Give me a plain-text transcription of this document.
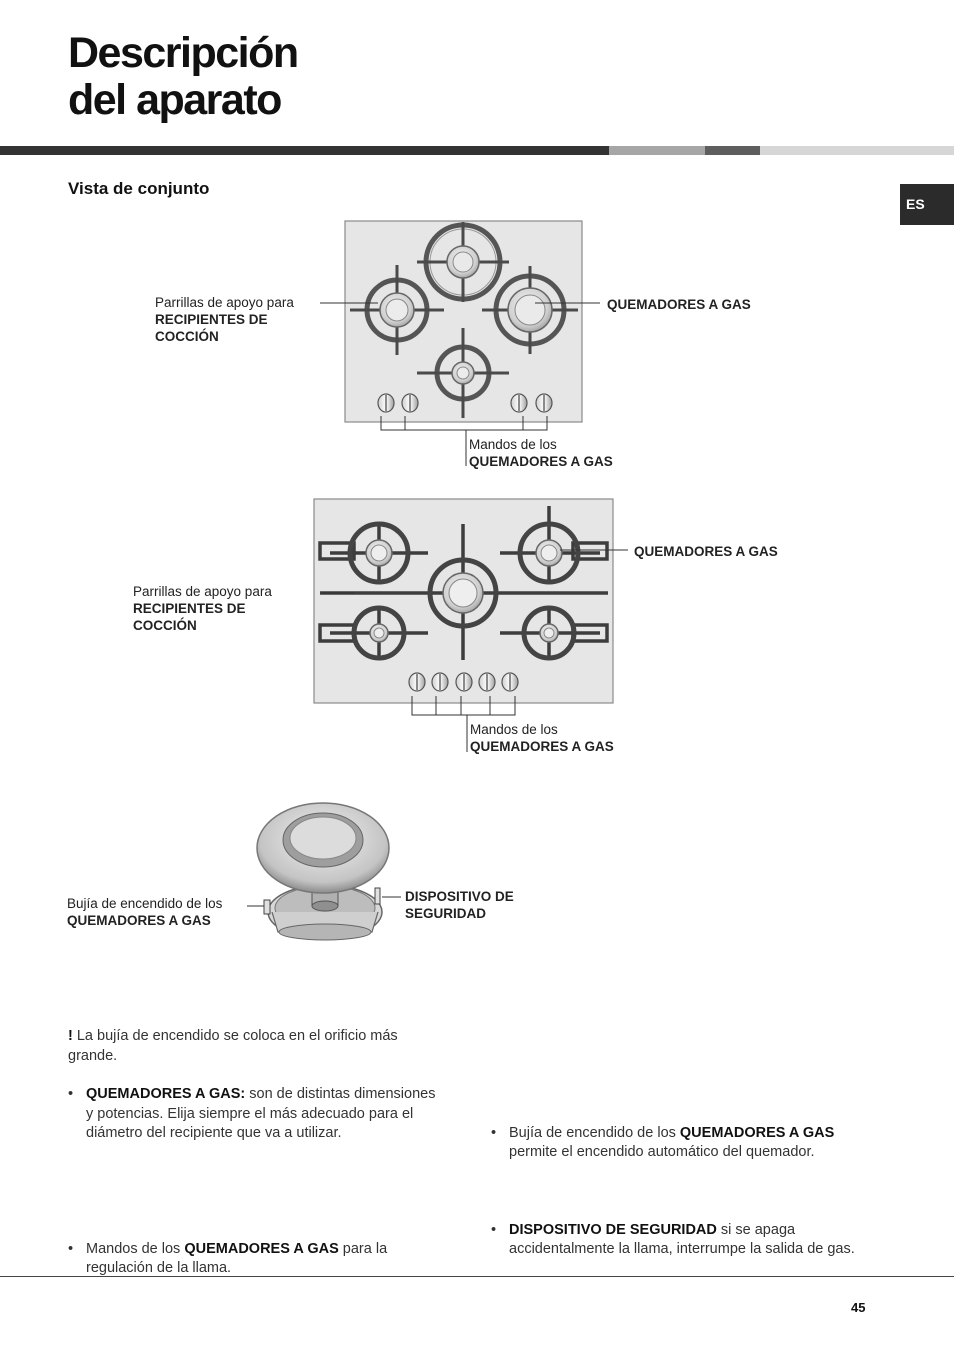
Descripción
del aparato
Vista de conjunto
ES
Parrillas de apoyo para
RECIPIENTES DE
COCCIÓN
QUEMADORES A GAS
Mandos de los
QUEMADORES A GAS
Parrillas de apoyo para
RECIPIENTES DE
COCCIÓN
QUEMADORES A GAS
Mandos de los
QUEMADORES A GAS
Bujía de encendido de los
QUEMADORES A GAS
DISPOSITIVO DE
SEGURIDAD
! La bujía de encendido se coloca en el orificio más grande.
• QUEMADORES A GAS: son de distintas dimensiones y potencias. Elija siempre el más adecuado para el diámetro del recipiente que va a utilizar.
• Mandos de los QUEMADORES A GAS para la regulación de la llama.
• Bujía de encendido de los QUEMADORES A GAS permite el encendido automático del quemador.
• DISPOSITIVO DE SEGURIDAD si se apaga accidentalmente la llama, interrumpe la salida de gas.
45
